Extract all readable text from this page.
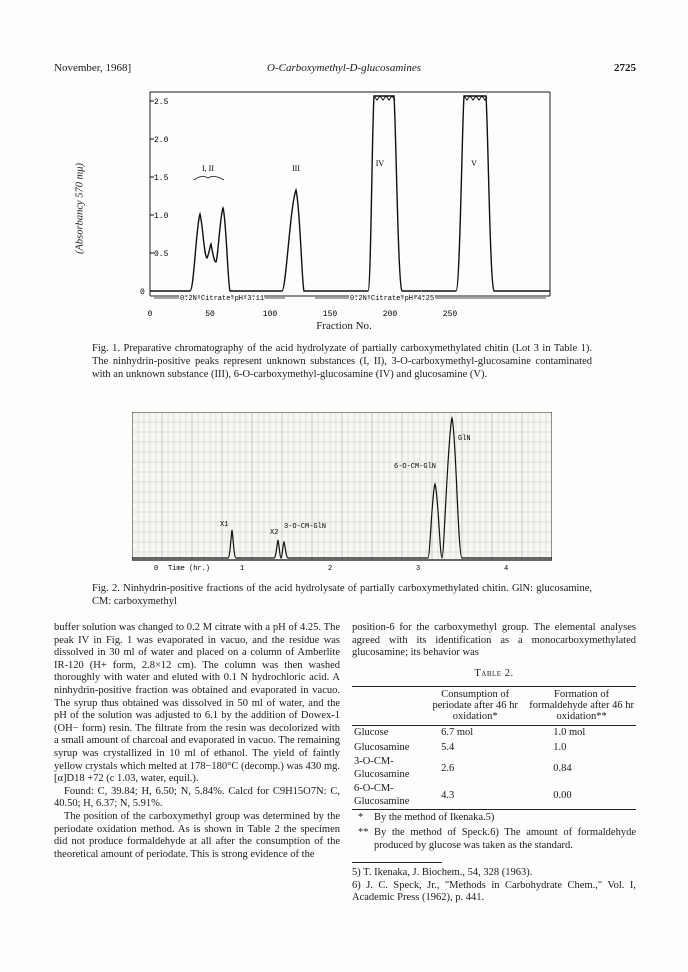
November, 1968]	O-Carboxymethyl-D-glucosamines	2725
(Absorbancy 570 mμ)
0
0.5
1.0
1.5
2.0
2.5
0	50	100	150	200	250
I, II	III
IV	V
0.2N Citrate pH 3.11	0.2N Citrate pH 4.25
Fraction No.
Fig. 1. Preparative chromatography of the acid hydrolyzate of partially carboxymethylated chitin (Lot 3 in Table 1). The ninhydrin-positive peaks represent unknown substances (I, II), 3-O-carboxymethyl-glucosamine contaminated with an unknown substance (III), 6-O-carboxymethyl-glucosamine (IV) and glucosamine (V).
GlN
6-O-CM-GlN
X1
X2
3-O-CM-GlN
0	1	2	3	4
Time (hr.)
Fig. 2. Ninhydrin-positive fractions of the acid hydrolysate of partially carboxymethylated chitin. GlN: glucosamine, CM: carboxymethyl

buffer solution was changed to 0.2 M citrate with a pH of 4.25. The peak IV in Fig. 1 was evaporated in vacuo, and the residue was dissolved in 30 ml of water and placed on a column of Amberlite IR-120 (H+ form, 2.8×12 cm). The column was then washed thoroughly with water and eluted with 0.1 N hydrochloric acid. A ninhydrin-positive fraction was obtained and evaporated in vacuo. The syrup thus obtained was dissolved in 50 ml of water, and the pH of the solution was adjusted to 6.1 by the addition of Dowex-1 (OH− form) resin. The filtrate from the resin was decolorized with a small amount of charcoal and evaporated in vacuo. The remaining syrup was crystallized in 10 ml of ethanol. The yield of faintly yellow crystals which melted at 178−180°C (decomp.) was 430 mg. [α]D18 +72 (c 1.03, water, equil.).

Found: C, 39.84; H, 6.50; N, 5.84%. Calcd for C9H15O7N: C, 40.50; H, 6.37; N, 5.91%.

The position of the carboxymethyl group was determined by the periodate oxidation method. As is shown in Table 2 the specimen did not produce formaldehyde at all after the consumption of the theoretical amount of periodate. This is strong evidence of the

position-6 for the carboxymethyl group. The elemental analyses agreed with its identification as a monocarboxymethylated glucosamine; its behavior was

Table 2.
	Consumption of periodate after 46 hr oxidation*	Formation of formaldehyde after 46 hr oxidation**
Glucose	6.7 mol	1.0 mol
Glucosamine	5.4	1.0
3-O-CM-Glucosamine	2.6	0.84
6-O-CM-Glucosamine	4.3	0.00
*	By the method of Ikenaka.5)
** By the method of Speck.6) The amount of formaldehyde produced by glucose was taken as the standard.

5) T. Ikenaka, J. Biochem., 54, 328 (1963).

6) J. C. Speck, Jr., "Methods in Carbohydrate Chem.," Vol. I, Academic Press (1962), p. 441.
